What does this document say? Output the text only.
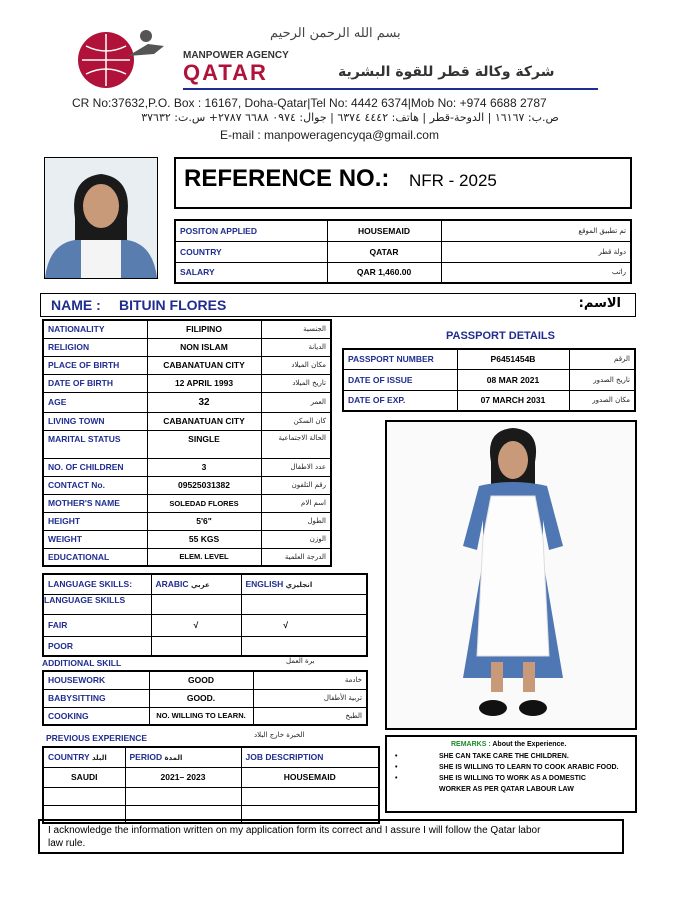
بسم الله الرحمن الرحيم
MANPOWER AGENCY
QATAR	شركة وكالة قطر للقوة البشرية
CR No:37632,P.O. Box : 16167, Doha-Qatar|Tel No: 4442 6374|Mob No: +974 6688 2787
ص.ب: ١٦١٦٧ | الدوحة-قطر | هاتف: ٤٤٤٢ ٦٣٧٤ | جوال: ٠٩٧٤ ٦٦٨٨ ٢٧٨٧+ س.ت: ٣٧٦٣٢
E-mail : manpoweragencyqa@gmail.com
REFERENCE NO.: NFR - 2025
POSITON APPLIED	HOUSEMAID	تم تطبيق الموقع
COUNTRY	QATAR	دولة قطر
SALARY	QAR 1,460.00	راتب
NAME : BITUIN FLORES	الاسم:
NATIONALITY	FILIPINO	الجنسية
RELIGION	NON ISLAM	الديانة
PLACE OF BIRTH	CABANATUAN CITY	مكان الميلاد
DATE OF BIRTH	12 APRIL 1993	تاريخ الميلاد
AGE	32	العمر
LIVING TOWN	CABANATUAN CITY	كان السكن
MARITAL STATUS	SINGLE	الحالة الاجتماعية
NO. OF CHILDREN	3	عدد الاطفال
CONTACT No.	09525031382	رقم التلفون
MOTHER'S NAME	SOLEDAD FLORES	اسم الام
HEIGHT	5'6"	الطول
WEIGHT	55 KGS	الوزن
EDUCATIONAL	ELEM. LEVEL	الدرجة العلمية
PASSPORT DETAILS
PASSPORT NUMBER	P6451454B	الرقم
DATE OF ISSUE	08 MAR 2021	تاريخ الصدور
DATE OF EXP.	07 MARCH 2031	مكان الصدور
LANGUAGE SKILLS:	ARABIC عربي	ENGLISH انجليزي
LANGUAGE SKILLS		
FAIR	√	√
POOR		
ADDITIONAL SKILL	برة العمل
HOUSEWORK	GOOD	خادمة
BABYSITTING	GOOD.	تربية الأطفال
COOKING	NO. WILLING TO LEARN.	الطبخ
PREVIOUS EXPERIENCE	الخبرة خارج البلاد
COUNTRY البلد	PERIOD المدة	JOB DESCRIPTION
SAUDI	2021– 2023	HOUSEMAID

REMARKS : About the Experience.
•	SHE CAN TAKE CARE THE CHILDREN.
•	SHE IS WILLING TO LEARN TO COOK ARABIC FOOD.
•	SHE IS WILLING TO WORK AS A DOMESTIC WORKER AS PER QATAR LABOUR LAW
I acknowledge the information written on my application form its correct and I assure I will follow the Qatar labor law rule.
